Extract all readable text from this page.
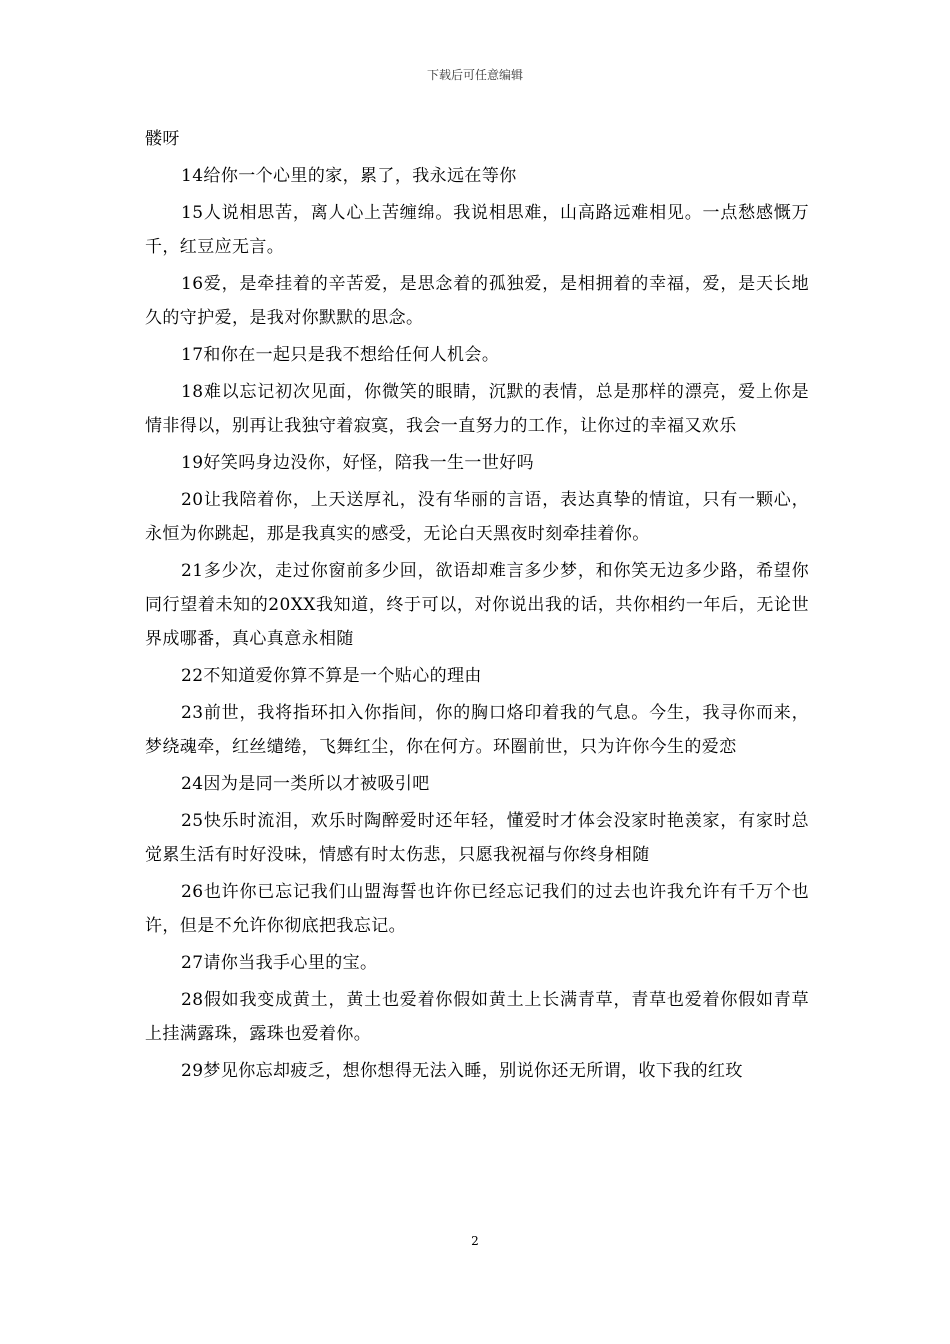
下载后可任意编辑

髅呀

14给你一个心里的家，累了，我永远在等你

15人说相思苦，离人心上苦缠绵。我说相思难，山高路远难相见。一点愁感慨万千，红豆应无言。

16爱，是牵挂着的辛苦爱，是思念着的孤独爱，是相拥着的幸福，爱，是天长地久的守护爱，是我对你默默的思念。

17和你在一起只是我不想给任何人机会。

18难以忘记初次见面，你微笑的眼睛，沉默的表情，总是那样的漂亮，爱上你是情非得以，别再让我独守着寂寞，我会一直努力的工作，让你过的幸福又欢乐

19好笑吗身边没你，好怪，陪我一生一世好吗

20让我陪着你，上天送厚礼，没有华丽的言语，表达真挚的情谊，只有一颗心，永恒为你跳起，那是我真实的感受，无论白天黑夜时刻牵挂着你。

21多少次，走过你窗前多少回，欲语却难言多少梦，和你笑无边多少路，希望你同行望着未知的20XX我知道，终于可以，对你说出我的话，共你相约一年后，无论世界成哪番，真心真意永相随

22不知道爱你算不算是一个贴心的理由

23前世，我将指环扣入你指间，你的胸口烙印着我的气息。今生，我寻你而来，梦绕魂牵，红丝缱绻，飞舞红尘，你在何方。环圈前世，只为许你今生的爱恋

24因为是同一类所以才被吸引吧

25快乐时流泪，欢乐时陶醉爱时还年轻，懂爱时才体会没家时艳羡家，有家时总觉累生活有时好没味，情感有时太伤悲，只愿我祝福与你终身相随

26也许你已忘记我们山盟海誓也许你已经忘记我们的过去也许我允许有千万个也许，但是不允许你彻底把我忘记。

27请你当我手心里的宝。

28假如我变成黄土，黄土也爱着你假如黄土上长满青草，青草也爱着你假如青草上挂满露珠，露珠也爱着你。

29梦见你忘却疲乏，想你想得无法入睡，别说你还无所谓，收下我的红玫

2
